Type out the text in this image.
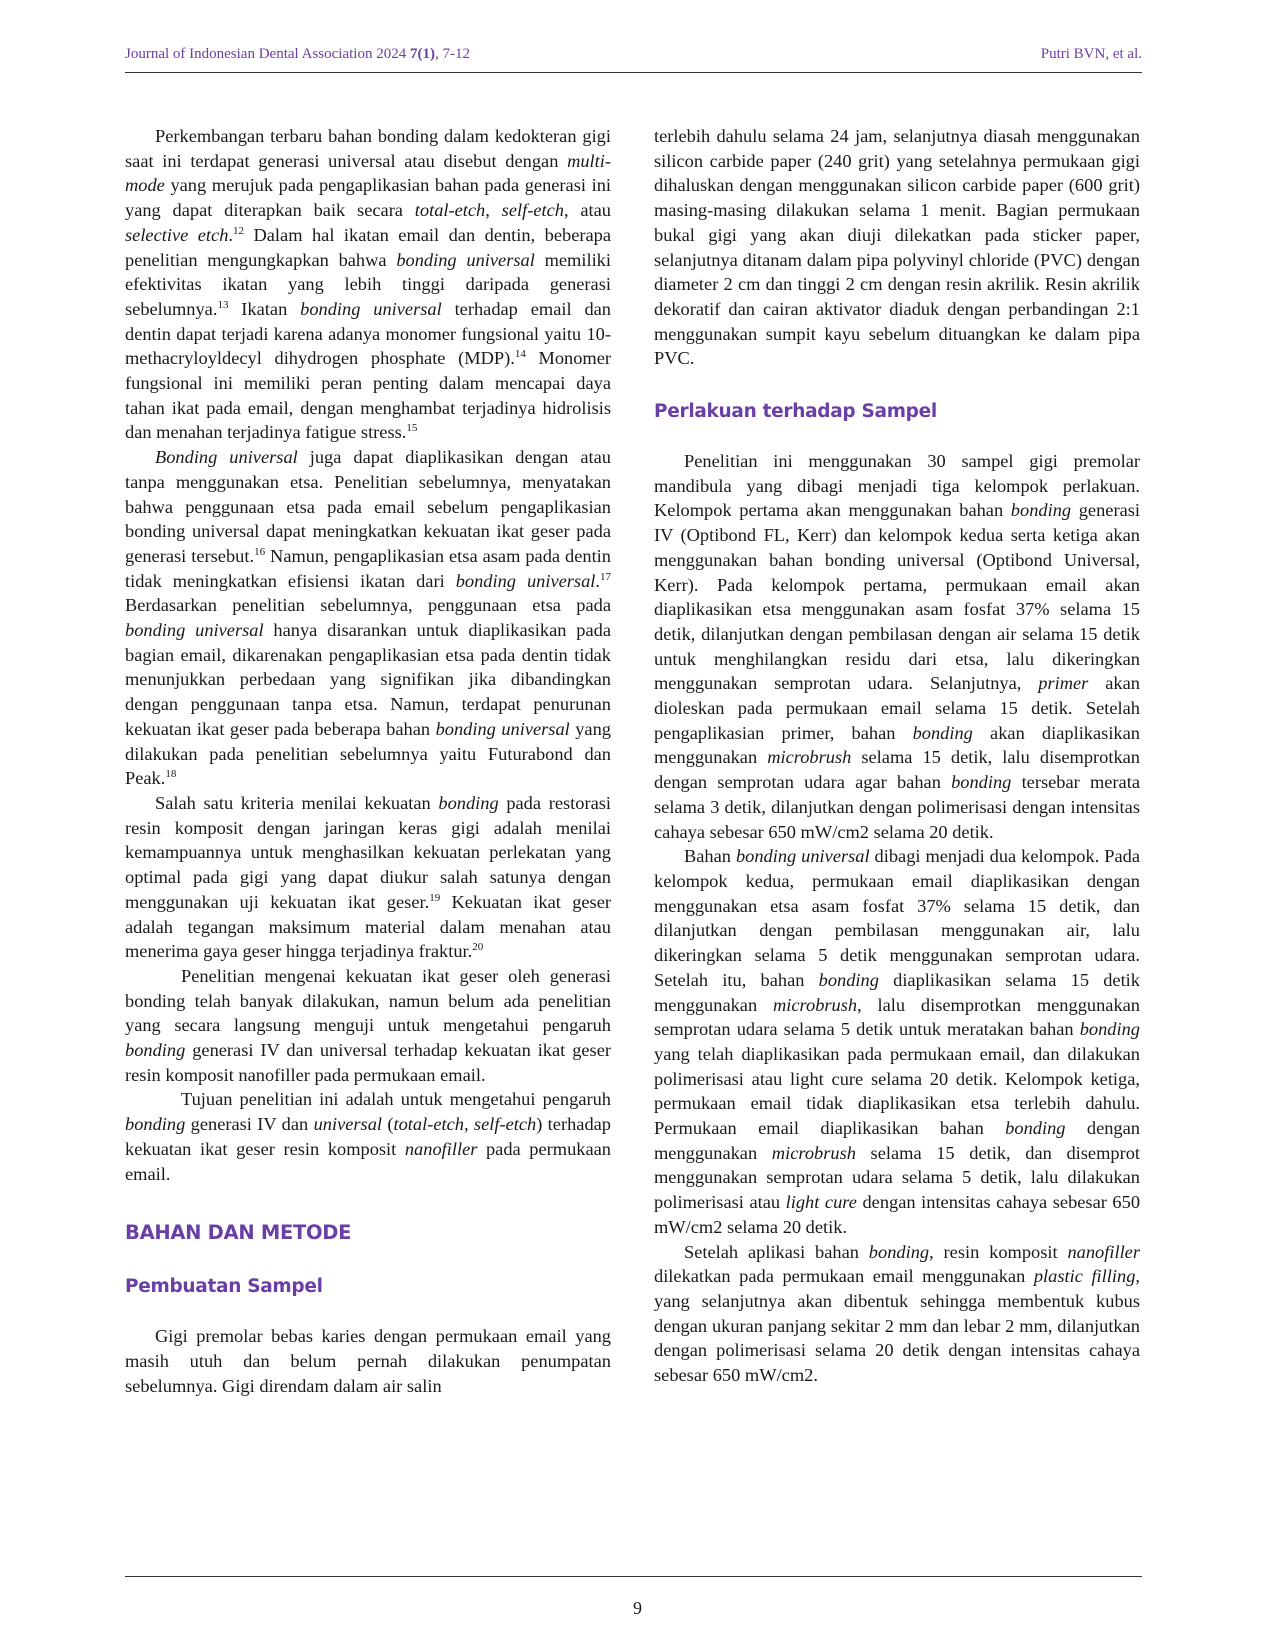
Journal of Indonesian Dental Association 2024 7(1), 7-12	Putri BVN, et al.

Perkembangan terbaru bahan bonding dalam kedokteran gigi saat ini terdapat generasi universal atau disebut dengan multi-mode yang merujuk pada pengaplikasian bahan pada generasi ini yang dapat diterapkan baik secara total-etch, self-etch, atau selective etch.$^{12}$ Dalam hal ikatan email dan dentin, beberapa penelitian mengungkapkan bahwa bonding universal memiliki efektivitas ikatan yang lebih tinggi daripada generasi sebelumnya.$^{13}$ Ikatan bonding universal terhadap email dan dentin dapat terjadi karena adanya monomer fungsional yaitu 10-methacryloyldecyl dihydrogen phosphate (MDP).$^{14}$ Monomer fungsional ini memiliki peran penting dalam mencapai daya tahan ikat pada email, dengan menghambat terjadinya hidrolisis dan menahan terjadinya fatigue stress.$^{15}$

Bonding universal juga dapat diaplikasikan dengan atau tanpa menggunakan etsa. Penelitian sebelumnya, menyatakan bahwa penggunaan etsa pada email sebelum pengaplikasian bonding universal dapat meningkatkan kekuatan ikat geser pada generasi tersebut.$^{16}$ Namun, pengaplikasian etsa asam pada dentin tidak meningkatkan efisiensi ikatan dari bonding universal.$^{17}$ Berdasarkan penelitian sebelumnya, penggunaan etsa pada bonding universal hanya disarankan untuk diaplikasikan pada bagian email, dikarenakan pengaplikasian etsa pada dentin tidak menunjukkan perbedaan yang signifikan jika dibandingkan dengan penggunaan tanpa etsa. Namun, terdapat penurunan kekuatan ikat geser pada beberapa bahan bonding universal yang dilakukan pada penelitian sebelumnya yaitu Futurabond dan Peak.$^{18}$

Salah satu kriteria menilai kekuatan bonding pada restorasi resin komposit dengan jaringan keras gigi adalah menilai kemampuannya untuk menghasilkan kekuatan perlekatan yang optimal pada gigi yang dapat diukur salah satunya dengan menggunakan uji kekuatan ikat geser.$^{19}$ Kekuatan ikat geser adalah tegangan maksimum material dalam menahan atau menerima gaya geser hingga terjadinya fraktur.$^{20}$

Penelitian mengenai kekuatan ikat geser oleh generasi bonding telah banyak dilakukan, namun belum ada penelitian yang secara langsung menguji untuk mengetahui pengaruh bonding generasi IV dan universal terhadap kekuatan ikat geser resin komposit nanofiller pada permukaan email.

Tujuan penelitian ini adalah untuk mengetahui pengaruh bonding generasi IV dan universal (total-etch, self-etch) terhadap kekuatan ikat geser resin komposit nanofiller pada permukaan email.

BAHAN DAN METODE
Pembuatan Sampel

Gigi premolar bebas karies dengan permukaan email yang masih utuh dan belum pernah dilakukan penumpatan sebelumnya. Gigi direndam dalam air salin

terlebih dahulu selama 24 jam, selanjutnya diasah menggunakan silicon carbide paper (240 grit) yang setelahnya permukaan gigi dihaluskan dengan menggunakan silicon carbide paper (600 grit) masing-masing dilakukan selama 1 menit. Bagian permukaan bukal gigi yang akan diuji dilekatkan pada sticker paper, selanjutnya ditanam dalam pipa polyvinyl chloride (PVC) dengan diameter 2 cm dan tinggi 2 cm dengan resin akrilik. Resin akrilik dekoratif dan cairan aktivator diaduk dengan perbandingan 2:1 menggunakan sumpit kayu sebelum dituangkan ke dalam pipa PVC.

Perlakuan terhadap Sampel

Penelitian ini menggunakan 30 sampel gigi premolar mandibula yang dibagi menjadi tiga kelompok perlakuan. Kelompok pertama akan menggunakan bahan bonding generasi IV (Optibond FL, Kerr) dan kelompok kedua serta ketiga akan menggunakan bahan bonding universal (Optibond Universal, Kerr). Pada kelompok pertama, permukaan email akan diaplikasikan etsa menggunakan asam fosfat 37% selama 15 detik, dilanjutkan dengan pembilasan dengan air selama 15 detik untuk menghilangkan residu dari etsa, lalu dikeringkan menggunakan semprotan udara. Selanjutnya, primer akan dioleskan pada permukaan email selama 15 detik. Setelah pengaplikasian primer, bahan bonding akan diaplikasikan menggunakan microbrush selama 15 detik, lalu disemprotkan dengan semprotan udara agar bahan bonding tersebar merata selama 3 detik, dilanjutkan dengan polimerisasi dengan intensitas cahaya sebesar 650 mW/cm2 selama 20 detik.

Bahan bonding universal dibagi menjadi dua kelompok. Pada kelompok kedua, permukaan email diaplikasikan dengan menggunakan etsa asam fosfat 37% selama 15 detik, dan dilanjutkan dengan pembilasan menggunakan air, lalu dikeringkan selama 5 detik menggunakan semprotan udara. Setelah itu, bahan bonding diaplikasikan selama 15 detik menggunakan microbrush, lalu disemprotkan menggunakan semprotan udara selama 5 detik untuk meratakan bahan bonding yang telah diaplikasikan pada permukaan email, dan dilakukan polimerisasi atau light cure selama 20 detik. Kelompok ketiga, permukaan email tidak diaplikasikan etsa terlebih dahulu. Permukaan email diaplikasikan bahan bonding dengan menggunakan microbrush selama 15 detik, dan disemprot menggunakan semprotan udara selama 5 detik, lalu dilakukan polimerisasi atau light cure dengan intensitas cahaya sebesar 650 mW/cm2 selama 20 detik.

Setelah aplikasi bahan bonding, resin komposit nanofiller dilekatkan pada permukaan email menggunakan plastic filling, yang selanjutnya akan dibentuk sehingga membentuk kubus dengan ukuran panjang sekitar 2 mm dan lebar 2 mm, dilanjutkan dengan polimerisasi selama 20 detik dengan intensitas cahaya sebesar 650 mW/cm2.

9
